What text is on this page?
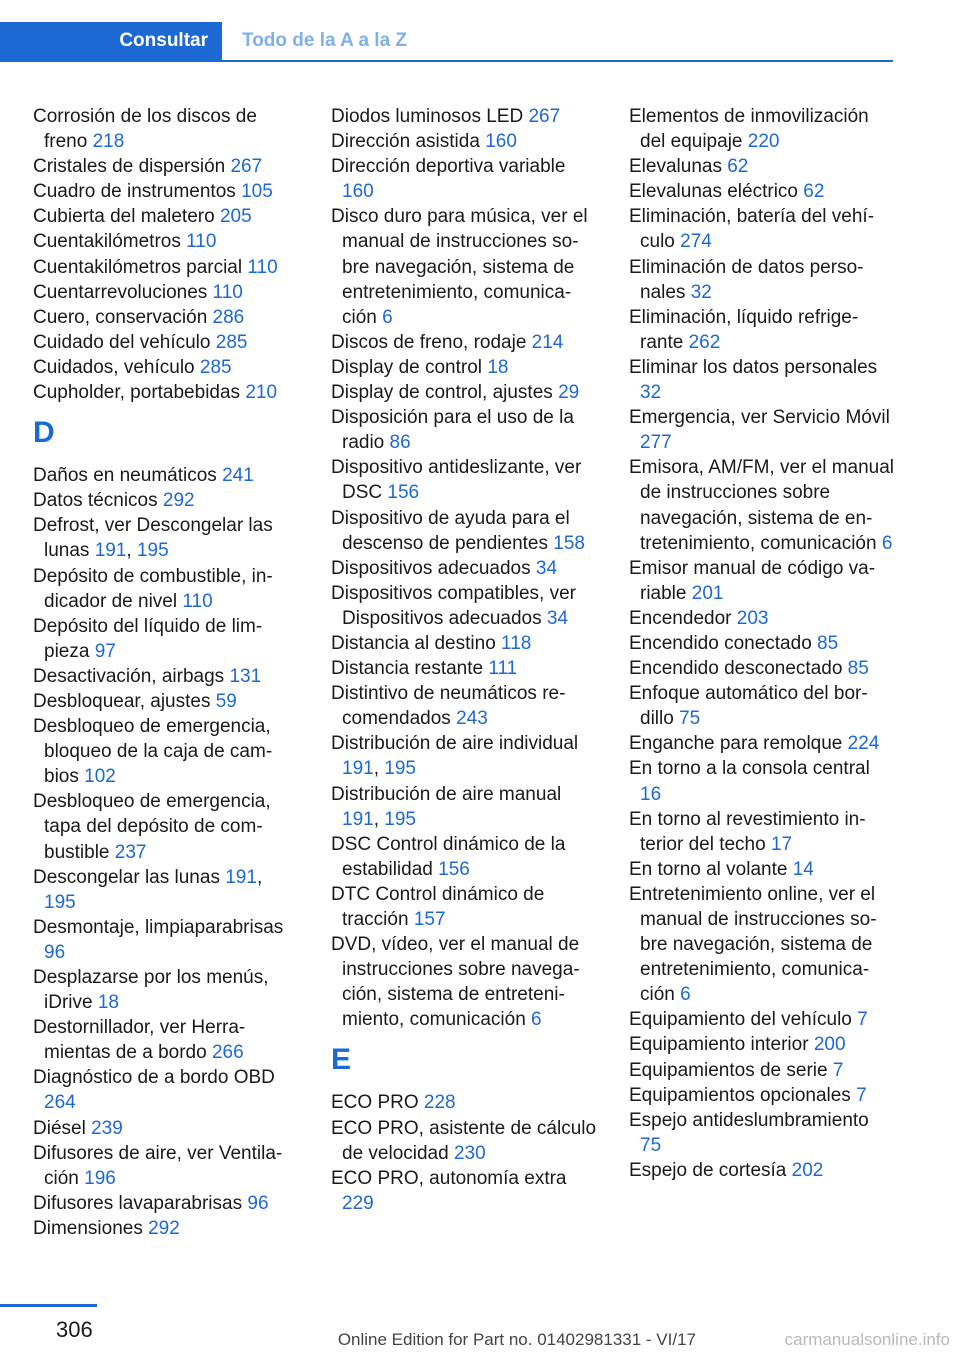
Consultar	Todo de la A a la Z
Corrosión de los discos de freno 218
Cristales de dispersión 267
Cuadro de instrumentos 105
Cubierta del maletero 205
Cuentakilómetros 110
Cuentakilómetros parcial 110
Cuentarrevoluciones 110
Cuero, conservación 286
Cuidado del vehículo 285
Cuidados, vehículo 285
Cupholder, portabebidas 210
D
Daños en neumáticos 241
Datos técnicos 292
Defrost, ver Descongelar las lunas 191, 195
Depósito de combustible, indicador de nivel 110
Depósito del líquido de limpieza 97
Desactivación, airbags 131
Desbloquear, ajustes 59
Desbloqueo de emergencia, bloqueo de la caja de cambios 102
Desbloqueo de emergencia, tapa del depósito de combustible 237
Descongelar las lunas 191, 195
Desmontaje, limpiaparabrisas 96
Desplazarse por los menús, iDrive 18
Destornillador, ver Herramientas de a bordo 266
Diagnóstico de a bordo OBD 264
Diésel 239
Difusores de aire, ver Ventilación 196
Difusores lavaparabrisas 96
Dimensiones 292
Diodos luminosos LED 267
Dirección asistida 160
Dirección deportiva variable 160
Disco duro para música, ver el manual de instrucciones sobre navegación, sistema de entretenimiento, comunicación 6
Discos de freno, rodaje 214
Display de control 18
Display de control, ajustes 29
Disposición para el uso de la radio 86
Dispositivo antideslizante, ver DSC 156
Dispositivo de ayuda para el descenso de pendientes 158
Dispositivos adecuados 34
Dispositivos compatibles, ver Dispositivos adecuados 34
Distancia al destino 118
Distancia restante 111
Distintivo de neumáticos recomendados 243
Distribución de aire individual 191, 195
Distribución de aire manual 191, 195
DSC Control dinámico de la estabilidad 156
DTC Control dinámico de tracción 157
DVD, vídeo, ver el manual de instrucciones sobre navegación, sistema de entretenimiento, comunicación 6
E
ECO PRO 228
ECO PRO, asistente de cálculo de velocidad 230
ECO PRO, autonomía extra 229
Elementos de inmovilización del equipaje 220
Elevalunas 62
Elevalunas eléctrico 62
Eliminación, batería del vehículo 274
Eliminación de datos personales 32
Eliminación, líquido refrigerante 262
Eliminar los datos personales 32
Emergencia, ver Servicio Móvil 277
Emisora, AM/FM, ver el manual de instrucciones sobre navegación, sistema de entretenimiento, comunicación 6
Emisor manual de código variable 201
Encendedor 203
Encendido conectado 85
Encendido desconectado 85
Enfoque automático del bordillo 75
Enganche para remolque 224
En torno a la consola central 16
En torno al revestimiento interior del techo 17
En torno al volante 14
Entretenimiento online, ver el manual de instrucciones sobre navegación, sistema de entretenimiento, comunicación 6
Equipamiento del vehículo 7
Equipamiento interior 200
Equipamientos de serie 7
Equipamientos opcionales 7
Espejo antideslumbramiento 75
Espejo de cortesía 202
306	Online Edition for Part no. 01402981331 - VI/17	carmanualsonline.info
